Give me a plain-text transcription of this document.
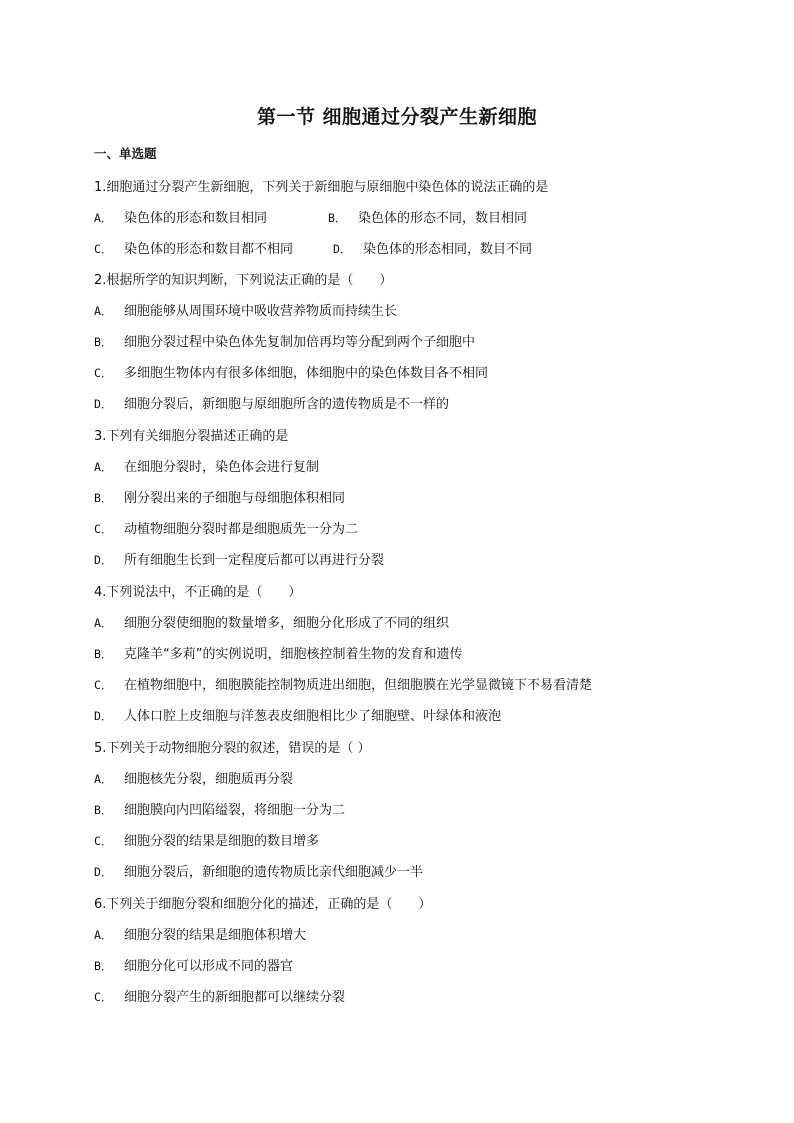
第一节 细胞通过分裂产生新细胞
一、单选题
1.细胞通过分裂产生新细胞，下列关于新细胞与原细胞中染色体的说法正确的是
A． 染色体的形态和数目相同	B． 染色体的形态不同，数目相同
C． 染色体的形态和数目都不相同	D． 染色体的形态相同，数目不同
2.根据所学的知识判断，下列说法正确的是（　　）
A． 细胞能够从周围环境中吸收营养物质而持续生长
B． 细胞分裂过程中染色体先复制加倍再均等分配到两个子细胞中
C． 多细胞生物体内有很多体细胞，体细胞中的染色体数目各不相同
D． 细胞分裂后，新细胞与原细胞所含的遗传物质是不一样的
3.下列有关细胞分裂描述正确的是
A． 在细胞分裂时，染色体会进行复制
B． 刚分裂出来的子细胞与母细胞体积相同
C． 动植物细胞分裂时都是细胞质先一分为二
D． 所有细胞生长到一定程度后都可以再进行分裂
4.下列说法中，不正确的是（　　）
A． 细胞分裂使细胞的数量增多，细胞分化形成了不同的组织
B． 克隆羊“多莉”的实例说明，细胞核控制着生物的发育和遗传
C． 在植物细胞中，细胞膜能控制物质进出细胞，但细胞膜在光学显微镜下不易看清楚
D． 人体口腔上皮细胞与洋葱表皮细胞相比少了细胞壁、叶绿体和液泡
5.下列关于动物细胞分裂的叙述，错误的是（ ）
A． 细胞核先分裂，细胞质再分裂
B． 细胞膜向内凹陷缢裂，将细胞一分为二
C． 细胞分裂的结果是细胞的数目增多
D． 细胞分裂后，新细胞的遗传物质比亲代细胞减少一半
6.下列关于细胞分裂和细胞分化的描述，正确的是（　　）
A． 细胞分裂的结果是细胞体积增大
B． 细胞分化可以形成不同的器官
C． 细胞分裂产生的新细胞都可以继续分裂
